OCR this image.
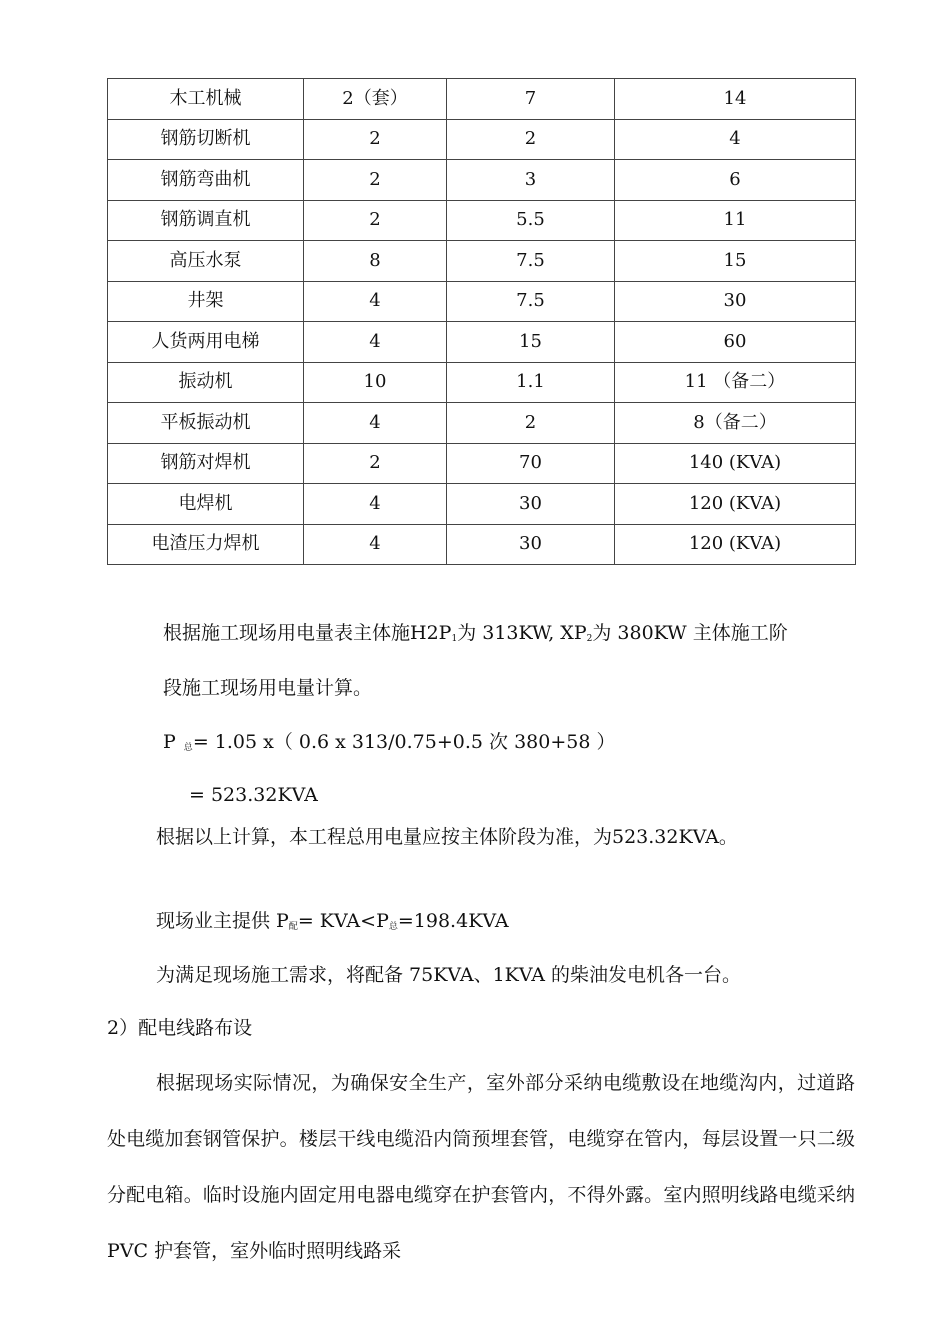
木工机械	2（套）	7	14
钢筋切断机	2	2	4
钢筋弯曲机	2	3	6
钢筋调直机	2	5.5	11
高压水泵	8	7.5	15
井架	4	7.5	30
人货两用电梯	4	15	60
振动机	10	1.1	11 （备二）
平板振动机	4	2	8（备二）
钢筋对焊机	2	70	140 (KVA)
电焊机	4	30	120 (KVA)
电渣压力焊机	4	30	120 (KVA)
根据施工现场用电量表主体施H2P1为 313KW, XP2为 380KW 主体施工阶
段施工现场用电量计算。
P总= 1.05 x（ 0.6 x 313/0.75+0.5 次 380+58 ）
= 523.32KVA
根据以上计算，本工程总用电量应按主体阶段为准，为523.32KVA。
现场业主提供 P配= KVA<P总=198.4KVA
为满足现场施工需求，将配备 75KVA、1KVA 的柴油发电机各一台。
2）配电线路布设

根据现场实际情况，为确保安全生产，室外部分采纳电缆敷设在地缆沟内，过道路处电缆加套钢管保护。楼层干线电缆沿内筒预埋套管，电缆穿在管内，每层设置一只二级分配电箱。临时设施内固定用电器电缆穿在护套管内，不得外露。室内照明线路电缆采纳 PVC 护套管，室外临时照明线路采
